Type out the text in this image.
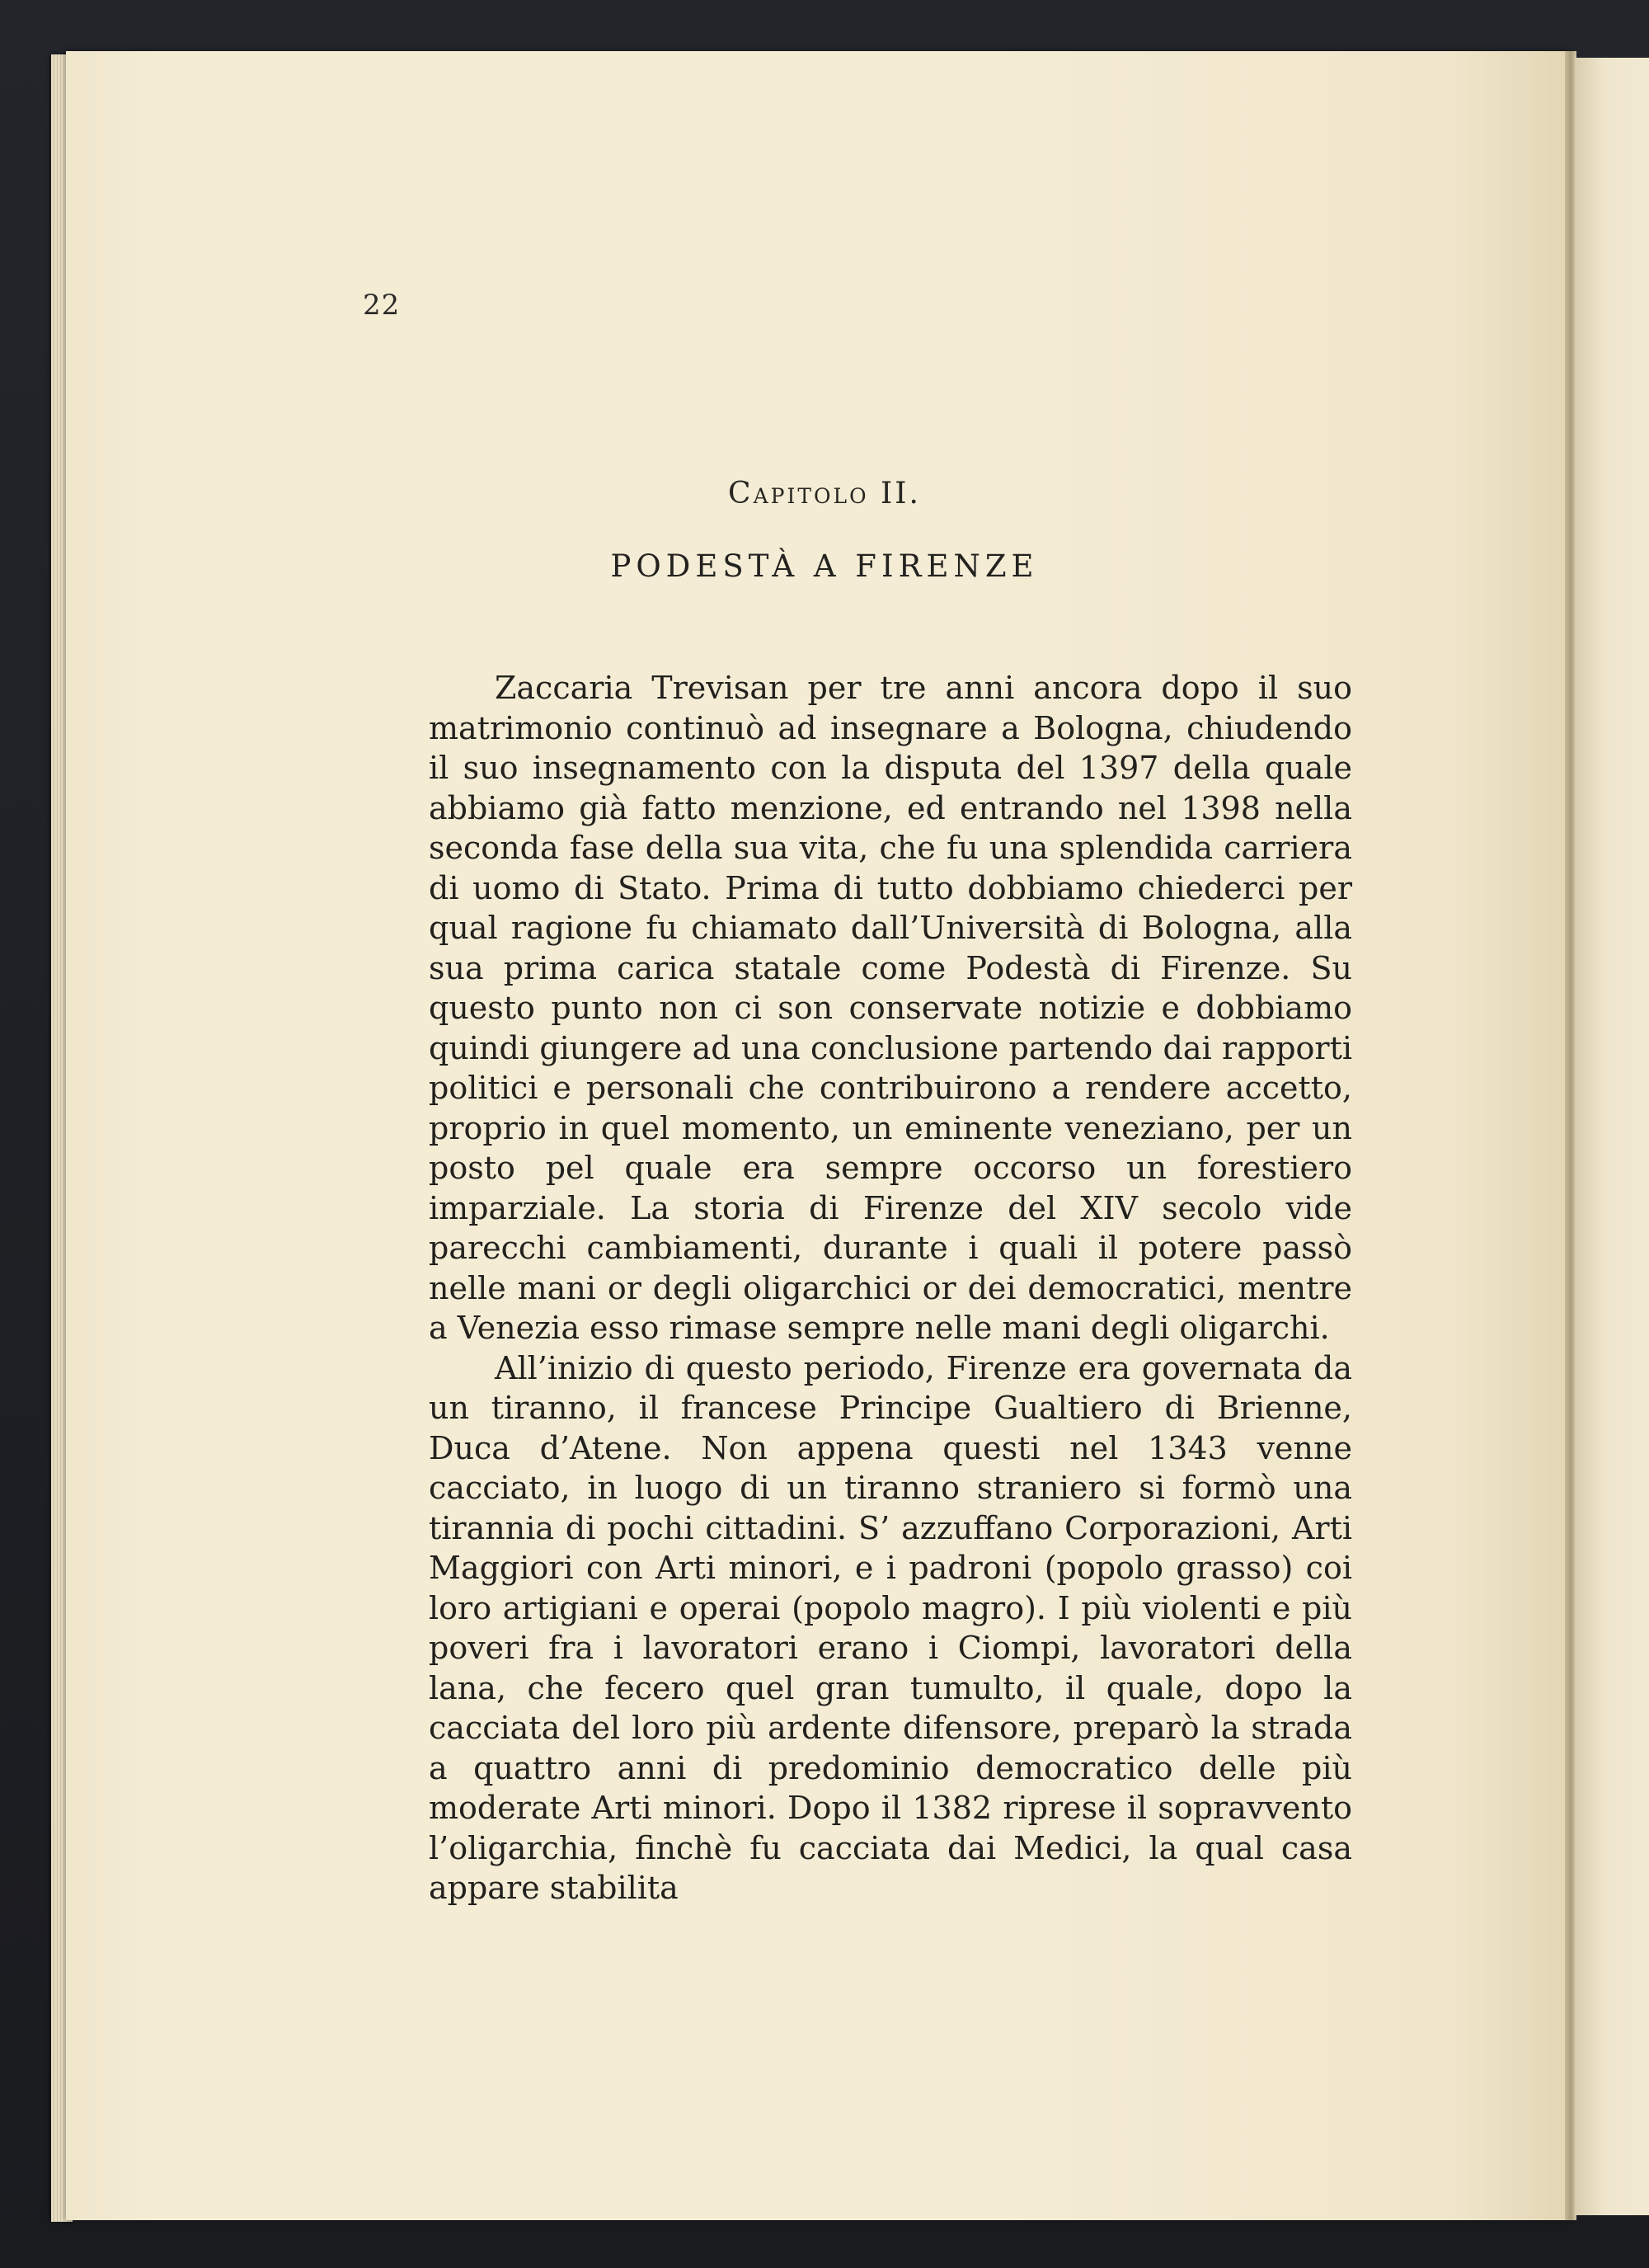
22
Capitolo II.
PODESTÀ A FIRENZE

Zaccaria Trevisan per tre anni ancora dopo il suo matrimonio continuò ad insegnare a Bologna, chiudendo il suo insegnamento con la disputa del 1397 della quale abbiamo già fatto menzione, ed entrando nel 1398 nella seconda fase della sua vita, che fu una splendida carriera di uomo di Stato. Prima di tutto dobbiamo chiederci per qual ragione fu chiamato dall’Università di Bologna, alla sua prima carica statale come Podestà di Firenze. Su questo punto non ci son conservate notizie e dobbiamo quindi giungere ad una conclusione partendo dai rapporti politici e personali che contribuirono a rendere accetto, proprio in quel momento, un eminente veneziano, per un posto pel quale era sempre occorso un forestiero imparziale. La storia di Firenze del XIV secolo vide parecchi cambiamenti, durante i quali il potere passò nelle mani or degli oligarchici or dei democratici, mentre a Venezia esso rimase sempre nelle mani degli oligarchi.

All’inizio di questo periodo, Firenze era governata da un tiranno, il francese Principe Gualtiero di Brienne, Duca d’Atene. Non appena questi nel 1343 venne cacciato, in luogo di un tiranno straniero si formò una tirannia di pochi cittadini. S’ azzuffano Corporazioni, Arti Maggiori con Arti minori, e i padroni (popolo grasso) coi loro artigiani e operai (popolo magro). I più violenti e più poveri fra i lavoratori erano i Ciompi, lavoratori della lana, che fecero quel gran tumulto, il quale, dopo la cacciata del loro più ardente difensore, preparò la strada a quattro anni di predominio democratico delle più moderate Arti minori. Dopo il 1382 riprese il sopravvento l’oligarchia, finchè fu cacciata dai Medici, la qual casa appare stabilita
